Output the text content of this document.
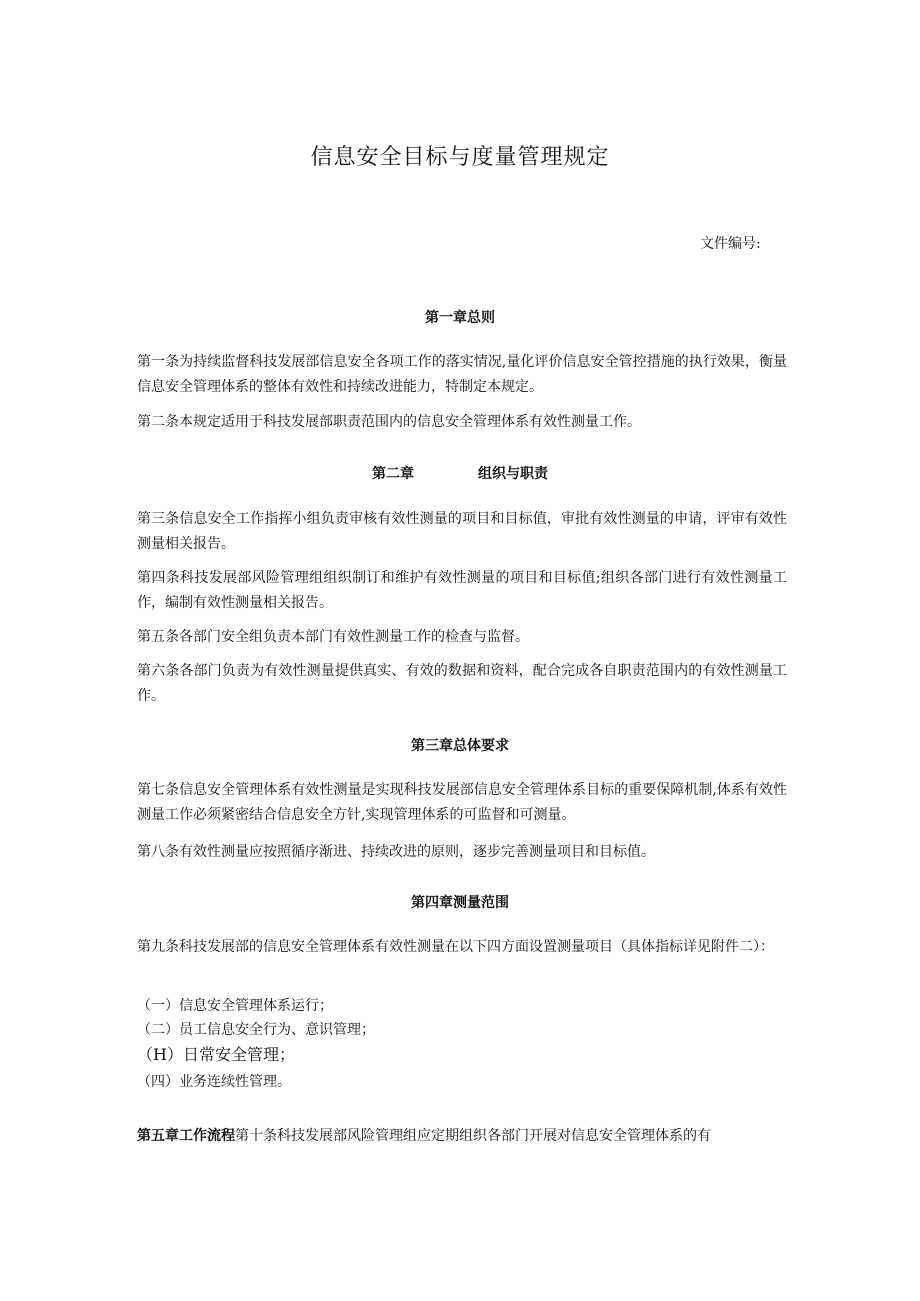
信息安全目标与度量管理规定
文件编号:
第一章总则
第一条为持续监督科技发展部信息安全各项工作的落实情况,量化评价信息安全管控措施的执行效果，衡量信息安全管理体系的整体有效性和持续改进能力，特制定本规定。
第二条本规定适用于科技发展部职责范围内的信息安全管理体系有效性测量工作。
第二章	组织与职责
第三条信息安全工作指挥小组负责审核有效性测量的项目和目标值，审批有效性测量的申请，评审有效性测量相关报告。
第四条科技发展部风险管理组组织制订和维护有效性测量的项目和目标值;组织各部门进行有效性测量工作，编制有效性测量相关报告。
第五条各部门安全组负责本部门有效性测量工作的检查与监督。
第六条各部门负责为有效性测量提供真实、有效的数据和资料，配合完成各自职责范围内的有效性测量工作。
第三章总体要求
第七条信息安全管理体系有效性测量是实现科技发展部信息安全管理体系目标的重要保障机制,体系有效性测量工作必须紧密结合信息安全方针,实现管理体系的可监督和可测量。
第八条有效性测量应按照循序渐进、持续改进的原则，逐步完善测量项目和目标值。
第四章测量范围
第九条科技发展部的信息安全管理体系有效性测量在以下四方面设置测量项目（具体指标详见附件二）：
（一）信息安全管理体系运行；
（二）员工信息安全行为、意识管理；
（H）日常安全管理；
（四）业务连续性管理。
第五章工作流程第十条科技发展部风险管理组应定期组织各部门开展对信息安全管理体系的有
